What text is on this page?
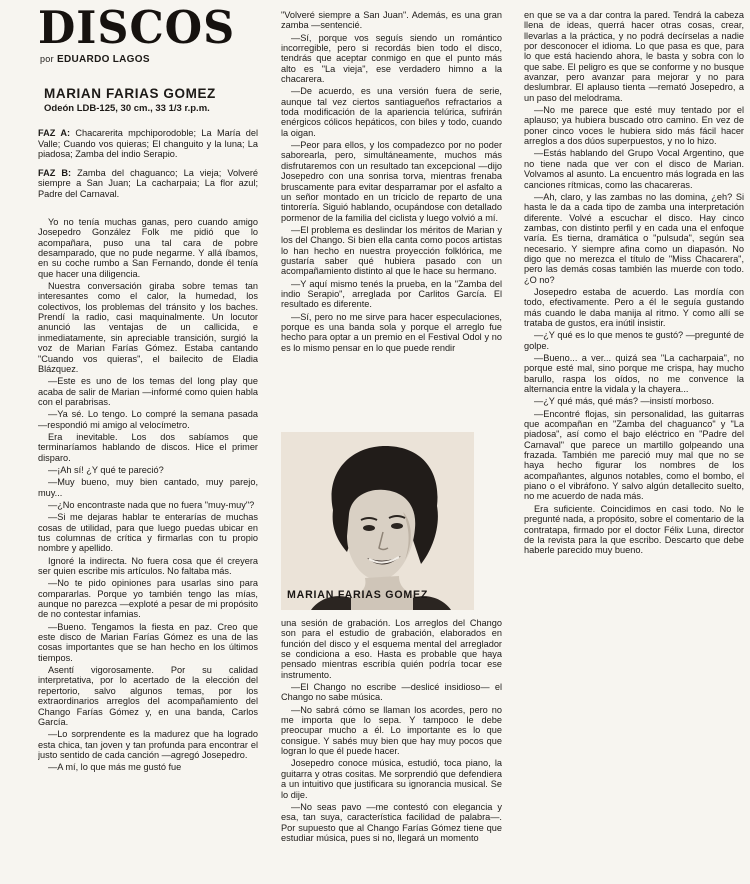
DISCOS
por EDUARDO LAGOS
MARIAN FARIAS GOMEZ
Odeón LDB-125, 30 cm., 33 1/3 r.p.m.
FAZ A: Chacarerita mpchiporodoble; La María del Valle; Cuando vos quieras; El changuito y la luna; La piadosa; Zamba del indio Serapio.
FAZ B: Zamba del chaguanco; La vieja; Volveré siempre a San Juan; La cacharpaia; La flor azul; Padre del Carnaval.

Yo no tenía muchas ganas, pero cuando amigo Josepedro González Folk me pidió que lo acompañara, puso una tal cara de pobre desamparado, que no pude negarme. Y allá íbamos, en su coche rumbo a San Fernando, donde él tenía que hacer una diligencia.

Nuestra conversación giraba sobre temas tan interesantes como el calor, la humedad, los colectivos, los problemas del tránsito y los baches. Prendí la radio, casi maquinalmente. Un locutor anunció las ventajas de un callicida, e inmediatamente, sin apreciable transición, surgió la voz de Marian Farías Gómez. Estaba cantando "Cuando vos quieras", el bailecito de Eladia Blázquez.

—Este es uno de los temas del long play que acaba de salir de Marian —informé como quien habla con el parabrisas.

—Ya sé. Lo tengo. Lo compré la semana pasada —respondió mi amigo al velocímetro.

Era inevitable. Los dos sabíamos que terminaríamos hablando de discos. Hice el primer disparo.

—¡Ah sí! ¿Y qué te pareció?

—Muy bueno, muy bien cantado, muy parejo, muy...

—¿No encontraste nada que no fuera "muy-muy"?

—Si me dejaras hablar te enterarías de muchas cosas de utilidad, para que luego puedas ubicar en tus columnas de crítica y firmarlas con tu propio nombre y apellido.

Ignoré la indirecta. No fuera cosa que él creyera ser quien escribe mis artículos. No faltaba más.

—No te pido opiniones para usarlas sino para compararlas. Porque yo también tengo las mías, aunque no parezca —exploté a pesar de mi propósito de no contestar infamias.

—Bueno. Tengamos la fiesta en paz. Creo que este disco de Marian Farías Gómez es una de las cosas importantes que se han hecho en los últimos tiempos.

Asentí vigorosamente. Por su calidad interpretativa, por lo acertado de la elección del repertorio, salvo algunos temas, por los extraordinarios arreglos del acompañamiento del Chango Farías Gómez y, en una banda, Carlos García.

—Lo sorprendente es la madurez que ha logrado esta chica, tan joven y tan profunda para encontrar el justo sentido de cada canción —agregó Josepedro.

—A mí, lo que más me gustó fue

"Volveré siempre a San Juan". Además, es una gran zamba —sentencié.

—Sí, porque vos seguís siendo un romántico incorregible, pero si recordás bien todo el disco, tendrás que aceptar conmigo en que el punto más alto es "La vieja", ese verdadero himno a la chacarera.

—De acuerdo, es una versión fuera de serie, aunque tal vez ciertos santiagueños refractarios a toda modificación de la apariencia telúrica, sufrirán enérgicos cólicos hepáticos, con biles y todo, cuando la oigan.

—Peor para ellos, y los compadezco por no poder saborearla, pero, simultáneamente, muchos más disfrutaremos con un resultado tan excepcional —dijo Josepedro con una sonrisa torva, mientras frenaba bruscamente para evitar desparramar por el asfalto a un señor montado en un triciclo de reparto de una tintorería. Siguió hablando, ocupándose con detallado pormenor de la familia del ciclista y luego volvió a mí.

—El problema es deslindar los méritos de Marian y los del Chango. Si bien ella canta como pocos artistas lo han hecho en nuestra proyección folklórica, me gustaría saber qué hubiera pasado con un acompañamiento distinto al que le hace su hermano.

—Y aquí mismo tenés la prueba, en la "Zamba del indio Serapio", arreglada por Carlitos García. El resultado es diferente.

—Sí, pero no me sirve para hacer especulaciones, porque es una banda sola y porque el arreglo fue hecho para optar a un premio en el Festival Odol y no es lo mismo pensar en lo que puede rendir

MARIAN FARIAS GOMEZ

una sesión de grabación. Los arreglos del Chango son para el estudio de grabación, elaborados en función del disco y el esquema mental del arreglador se condiciona a eso. Hasta es probable que haya pensado mientras escribía quién podría tocar ese instrumento.

—El Chango no escribe —deslicé insidioso— el Chango no sabe música.

—No sabrá cómo se llaman los acordes, pero no me importa que lo sepa. Y tampoco le debe preocupar mucho a él. Lo importante es lo que consigue. Y sabés muy bien que hay muy pocos que logran lo que él puede hacer.

Josepedro conoce música, estudió, toca piano, la guitarra y otras cositas. Me sorprendió que defendiera a un intuitivo que justificara su ignorancia musical. Se lo dije.

—No seas pavo —me contestó con elegancia y esa, tan suya, característica facilidad de palabra—. Por supuesto que al Chango Farías Gómez tiene que estudiar música, pues si no, llegará un momento

en que se va a dar contra la pared. Tendrá la cabeza llena de ideas, querrá hacer otras cosas, crear, llevarlas a la práctica, y no podrá decírselas a nadie por desconocer el idioma. Lo que pasa es que, para lo que está haciendo ahora, le basta y sobra con lo que sabe. El peligro es que se conforme y no busque avanzar, pero avanzar para mejorar y no para deslumbrar. El aplauso tienta —remató Josepedro, a un paso del melodrama.

—No me parece que esté muy tentado por el aplauso; ya hubiera buscado otro camino. En vez de poner cinco voces le hubiera sido más fácil hacer arreglos a dos dúos superpuestos, y no lo hizo.

—Estás hablando del Grupo Vocal Argentino, que no tiene nada que ver con el disco de Marian. Volvamos al asunto. La encuentro más lograda en las canciones rítmicas, como las chacareras.

—Ah, claro, y las zambas no las domina, ¿eh? Si hasta le da a cada tipo de zamba una interpretación diferente. Volvé a escuchar el disco. Hay cinco zambas, con distinto perfil y en cada una el enfoque varía. Es tierna, dramática o "pulsuda", según sea necesario. Y siempre afina como un diapasón. No digo que no merezca el título de "Miss Chacarera", pero las demás cosas también las muerde con todo. ¿O no?

Josepedro estaba de acuerdo. Las mordía con todo, efectivamente. Pero a él le seguía gustando más cuando le daba manija al ritmo. Y como allí se trataba de gustos, era inútil insistir.

—¿Y qué es lo que menos te gustó? —pregunté de golpe.

—Bueno... a ver... quizá sea "La cacharpaia", no porque esté mal, sino porque me crispa, hay mucho barullo, raspa los oídos, no me convence la alternancia entre la vidala y la chayera...

—¿Y qué más, qué más? —insistí morboso.

—Encontré flojas, sin personalidad, las guitarras que acompañan en "Zamba del chaguanco" y "La piadosa", así como el bajo eléctrico en "Padre del Carnaval" que parece un martillo golpeando una frazada. También me pareció muy mal que no se haya hecho figurar los nombres de los acompañantes, algunos notables, como el bombo, el piano o el vibráfono. Y salvo algún detallecito suelto, no me acuerdo de nada más.

Era suficiente. Coincidimos en casi todo. No le pregunté nada, a propósito, sobre el comentario de la contratapa, firmado por el doctor Félix Luna, director de la revista para la que escribo. Descarto que debe haberle parecido muy bueno.
